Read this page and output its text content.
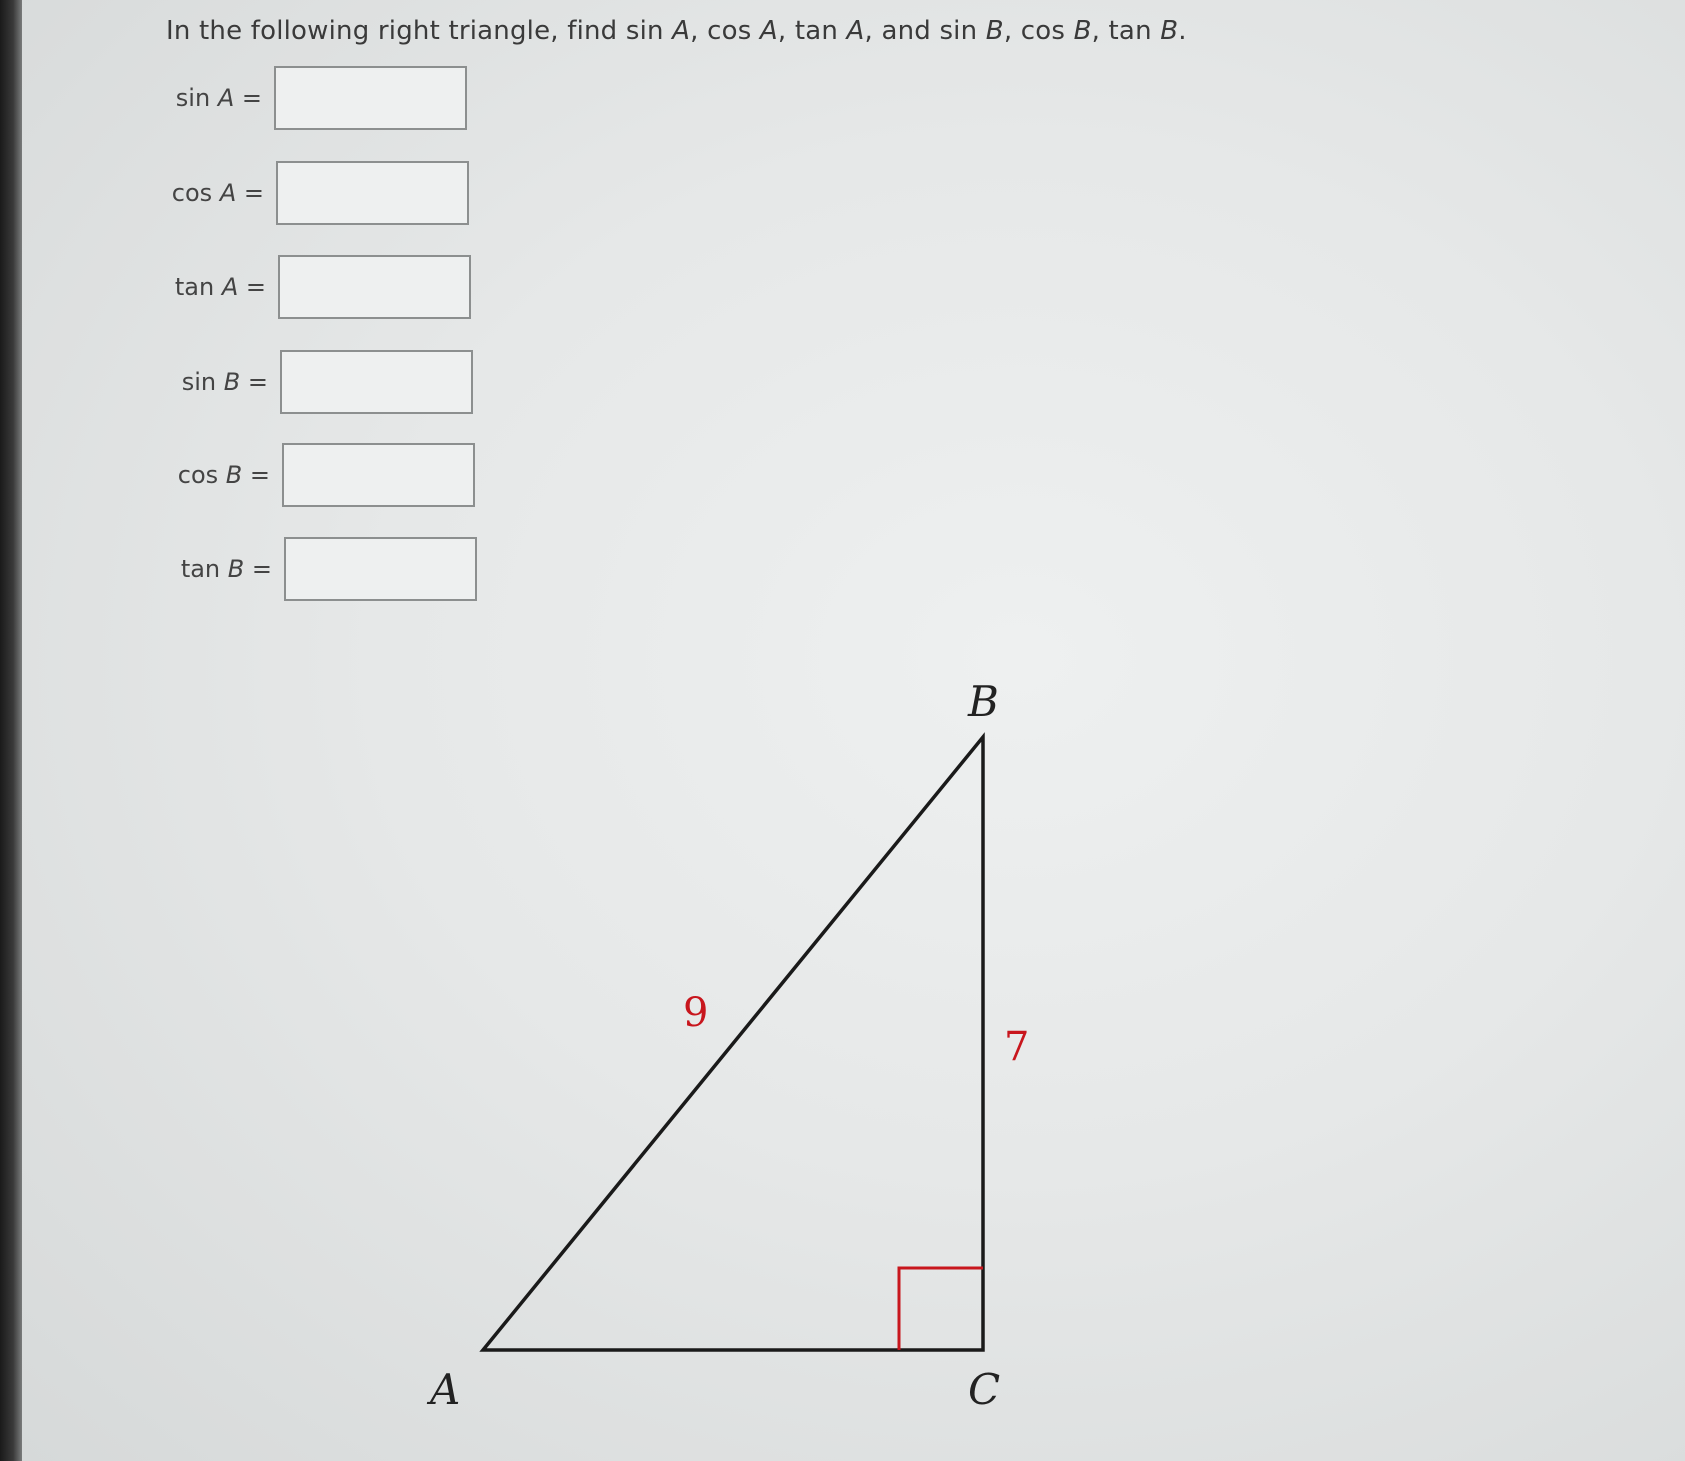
In the following right triangle, find sin A, cos A, tan A, and sin B, cos B, tan B.
sin A =
cos A =
tan A =
sin B =
cos B =
tan B =
B
A	C
9
7
